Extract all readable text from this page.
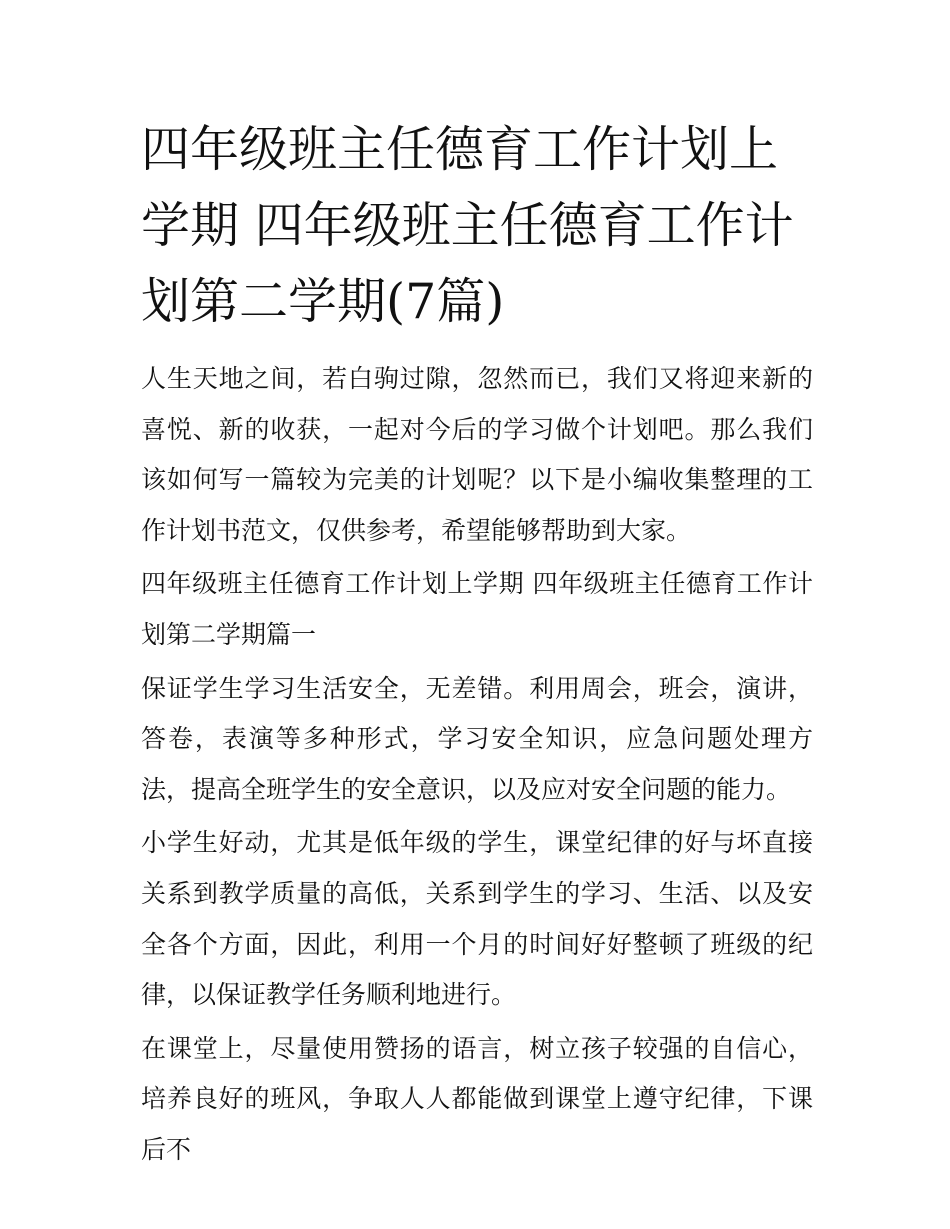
四年级班主任德育工作计划上学期 四年级班主任德育工作计划第二学期(7篇)

人生天地之间，若白驹过隙，忽然而已，我们又将迎来新的喜悦、新的收获，一起对今后的学习做个计划吧。那么我们该如何写一篇较为完美的计划呢？以下是小编收集整理的工作计划书范文，仅供参考，希望能够帮助到大家。

四年级班主任德育工作计划上学期 四年级班主任德育工作计划第二学期篇一

保证学生学习生活安全，无差错。利用周会，班会，演讲，答卷，表演等多种形式，学习安全知识，应急问题处理方法，提高全班学生的安全意识，以及应对安全问题的能力。

小学生好动，尤其是低年级的学生，课堂纪律的好与坏直接关系到教学质量的高低，关系到学生的学习、生活、以及安全各个方面，因此，利用一个月的时间好好整顿了班级的纪律，以保证教学任务顺利地进行。

在课堂上，尽量使用赞扬的语言，树立孩子较强的自信心，培养良好的班风，争取人人都能做到课堂上遵守纪律，下课后不
